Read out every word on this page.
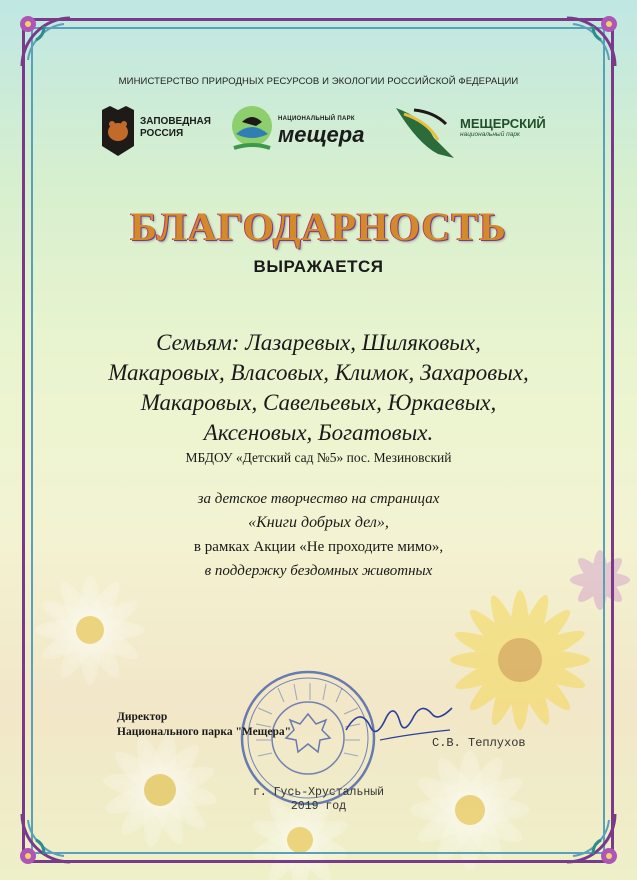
МИНИСТЕРСТВО ПРИРОДНЫХ РЕСУРСОВ И ЭКОЛОГИИ РОССИЙСКОЙ ФЕДЕРАЦИИ
ЗАПОВЕДНАЯ
РОССИЯ
НАЦИОНАЛЬНЫЙ ПАРК
мещера	МЕЩЕРСКИЙ
национальный парк
БЛАГОДАРНОСТЬ
ВЫРАЖАЕТСЯ
Семьям: Лазаревых, Шиляковых,
Макаровых, Власовых, Климок, Захаровых,
Макаровых, Савельевых, Юркаевых,
Аксеновых, Богатовых.
МБДОУ «Детский сад №5» пос. Мезиновский
за детское творчество на страницах
«Книги добрых дел»,
в рамках Акции «Не проходите мимо»,
в поддержку бездомных животных
Директор
Национального парка "Мещера"
С.В. Теплухов
г. Гусь-Хрустальный
2019 год
